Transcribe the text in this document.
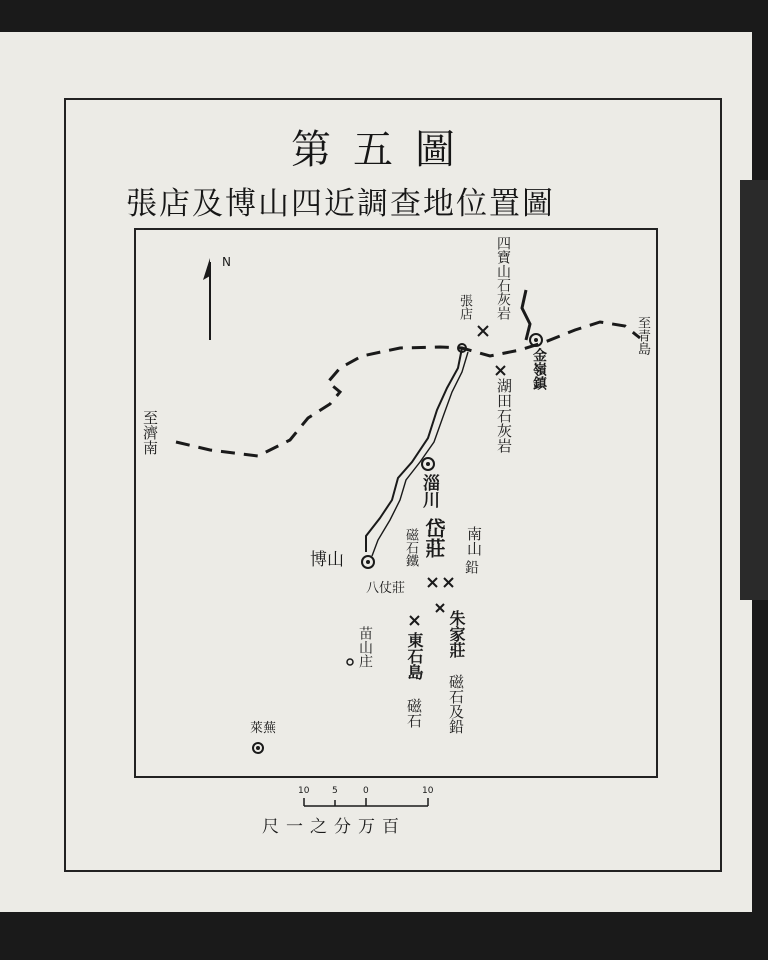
第五圖
張店及博山四近調查地位置圖
N
張店
金嶺鎮
淄川
博山
八仗莊
岱莊 南山
朱家莊
東石島
苗山庄
萊蕪
至青島
至濟南
四寶山石灰岩
湖田石灰岩
磁石鐵	鉛
磁石及鉛
磁石
10	5	0	10
尺一之分万百
